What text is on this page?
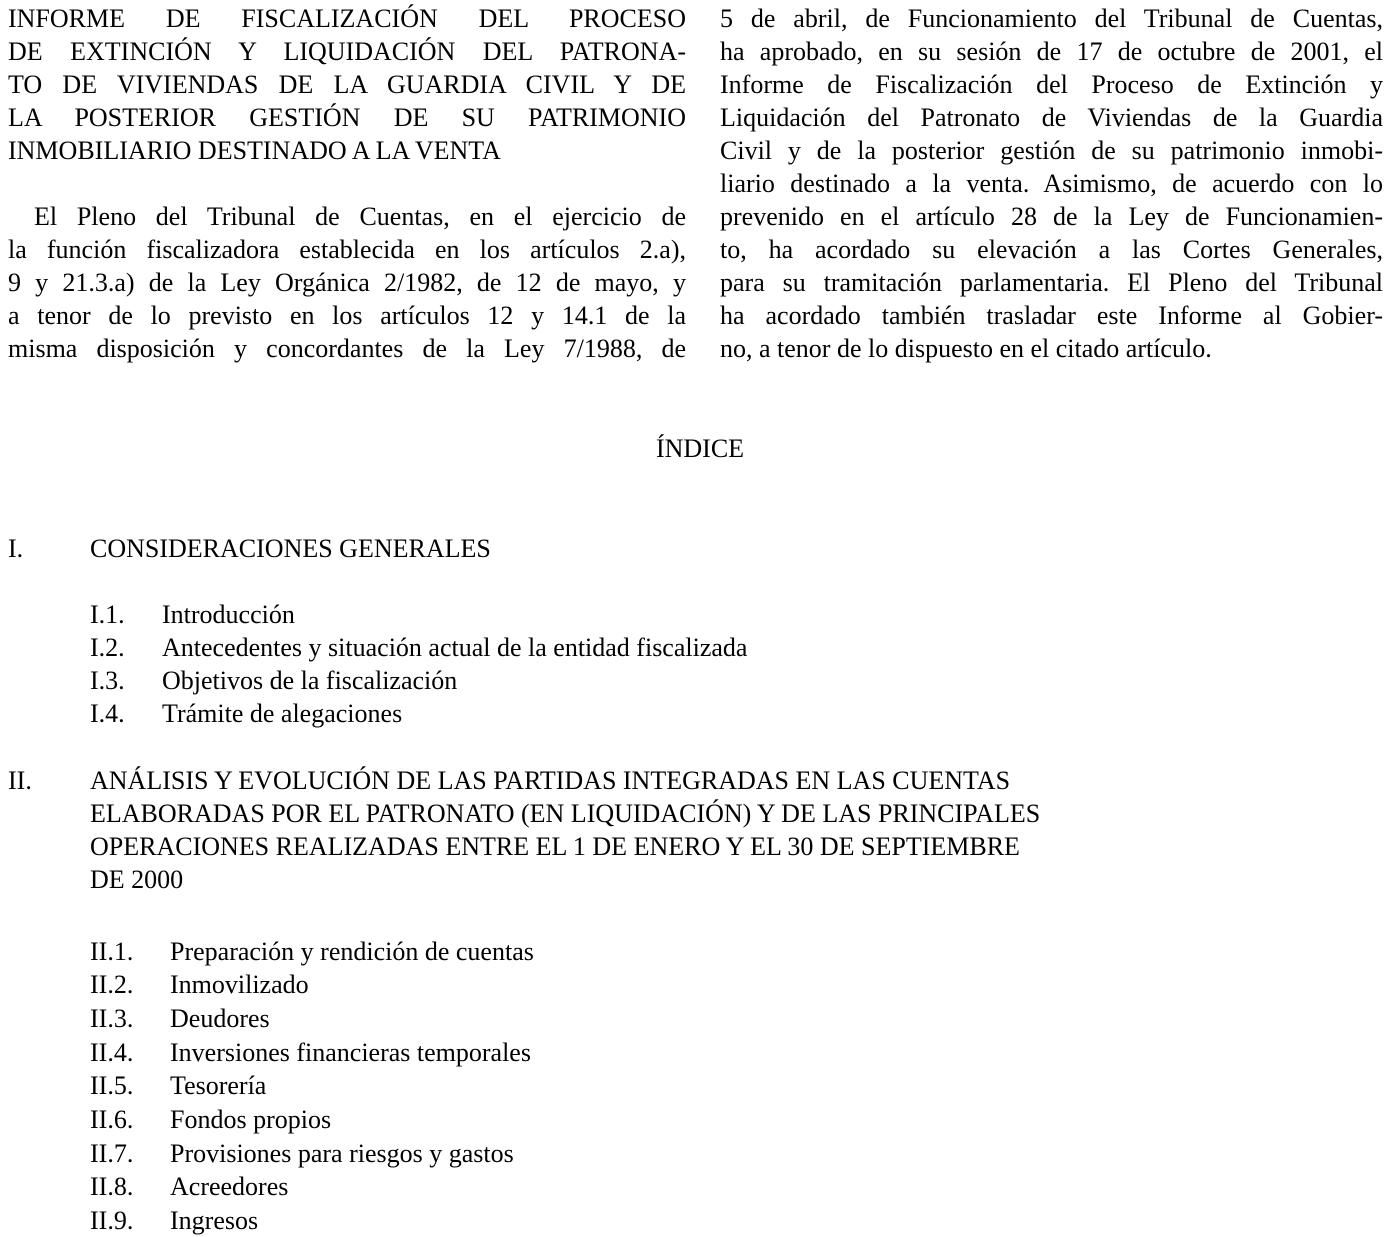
INFORME DE FISCALIZACIÓN DEL PROCESO
DE EXTINCIÓN Y LIQUIDACIÓN DEL PATRONA-
TO DE VIVIENDAS DE LA GUARDIA CIVIL Y DE
LA POSTERIOR GESTIÓN DE SU PATRIMONIO
INMOBILIARIO DESTINADO A LA VENTA
El Pleno del Tribunal de Cuentas, en el ejercicio de
la función fiscalizadora establecida en los artículos 2.a),
9 y 21.3.a) de la Ley Orgánica 2/1982, de 12 de mayo, y
a tenor de lo previsto en los artículos 12 y 14.1 de la
misma disposición y concordantes de la Ley 7/1988, de
5 de abril, de Funcionamiento del Tribunal de Cuentas,
ha aprobado, en su sesión de 17 de octubre de 2001, el
Informe de Fiscalización del Proceso de Extinción y
Liquidación del Patronato de Viviendas de la Guardia
Civil y de la posterior gestión de su patrimonio inmobi-
liario destinado a la venta. Asimismo, de acuerdo con lo
prevenido en el artículo 28 de la Ley de Funcionamien-
to, ha acordado su elevación a las Cortes Generales,
para su tramitación parlamentaria. El Pleno del Tribunal
ha acordado también trasladar este Informe al Gobier-
no, a tenor de lo dispuesto en el citado artículo.
ÍNDICE
I.	CONSIDERACIONES GENERALES
I.1. Introducción
I.2. Antecedentes y situación actual de la entidad fiscalizada
I.3. Objetivos de la fiscalización
I.4. Trámite de alegaciones
II. ANÁLISIS Y EVOLUCIÓN DE LAS PARTIDAS INTEGRADAS EN LAS CUENTAS
ELABORADAS POR EL PATRONATO (EN LIQUIDACIÓN) Y DE LAS PRINCIPALES
OPERACIONES REALIZADAS ENTRE EL 1 DE ENERO Y EL 30 DE SEPTIEMBRE
DE 2000
II.1. Preparación y rendición de cuentas
II.2. Inmovilizado
II.3. Deudores
II.4. Inversiones financieras temporales
II.5. Tesorería
II.6. Fondos propios
II.7. Provisiones para riesgos y gastos
II.8. Acreedores
II.9. Ingresos
